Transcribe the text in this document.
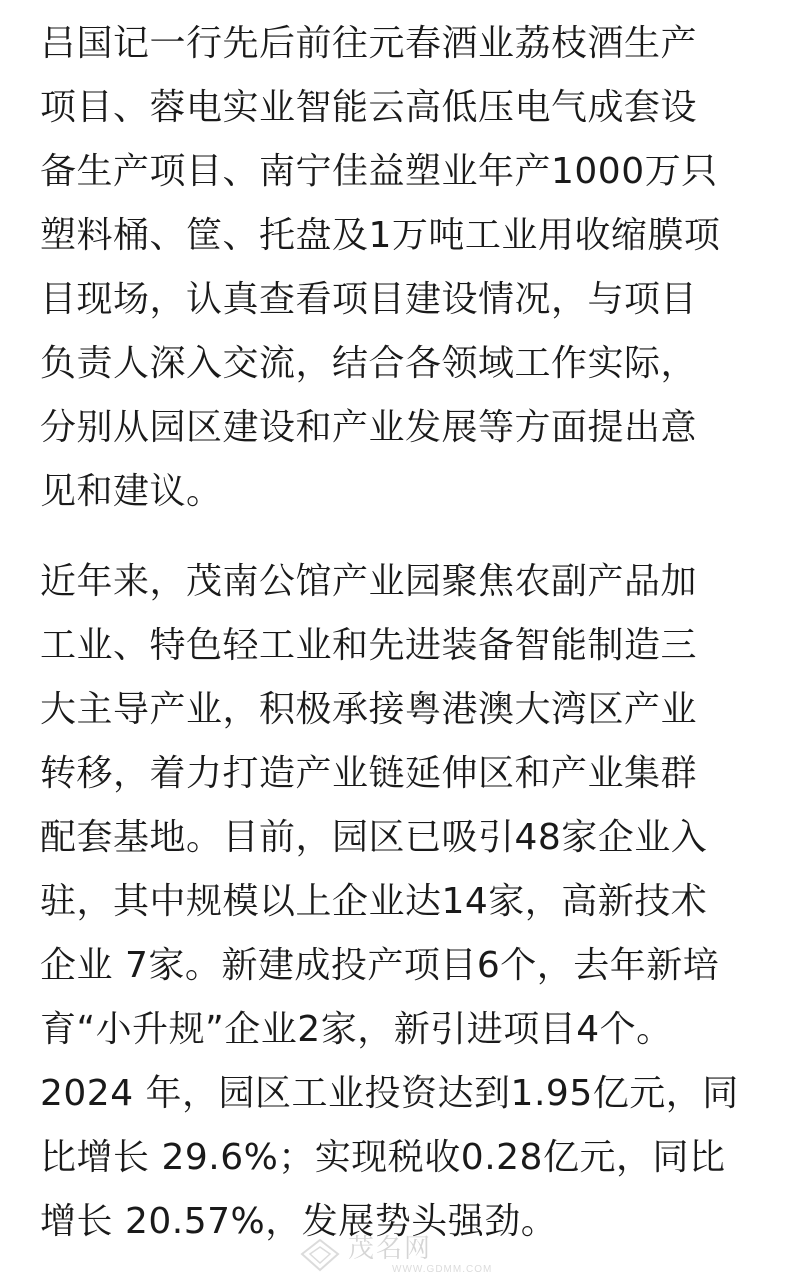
吕国记一行先后前往元春酒业荔枝酒生产
项目、蓉电实业智能云高低压电气成套设
备生产项目、南宁佳益塑业年产1000万只
塑料桶、筐、托盘及1万吨工业用收缩膜项
目现场，认真查看项目建设情况，与项目
负责人深入交流，结合各领域工作实际，
分别从园区建设和产业发展等方面提出意
见和建议。
近年来，茂南公馆产业园聚焦农副产品加
工业、特色轻工业和先进装备智能制造三
大主导产业，积极承接粤港澳大湾区产业
转移，着力打造产业链延伸区和产业集群
配套基地。目前，园区已吸引48家企业入
驻，其中规模以上企业达14家，高新技术
企业 7家。新建成投产项目6个，去年新培
育“小升规”企业2家，新引进项目4个。
2024 年，园区工业投资达到1.95亿元，同
比增长 29.6%；实现税收0.28亿元，同比
增长 20.57%，发展势头强劲。
茂名网
WWW.GDMM.COM
